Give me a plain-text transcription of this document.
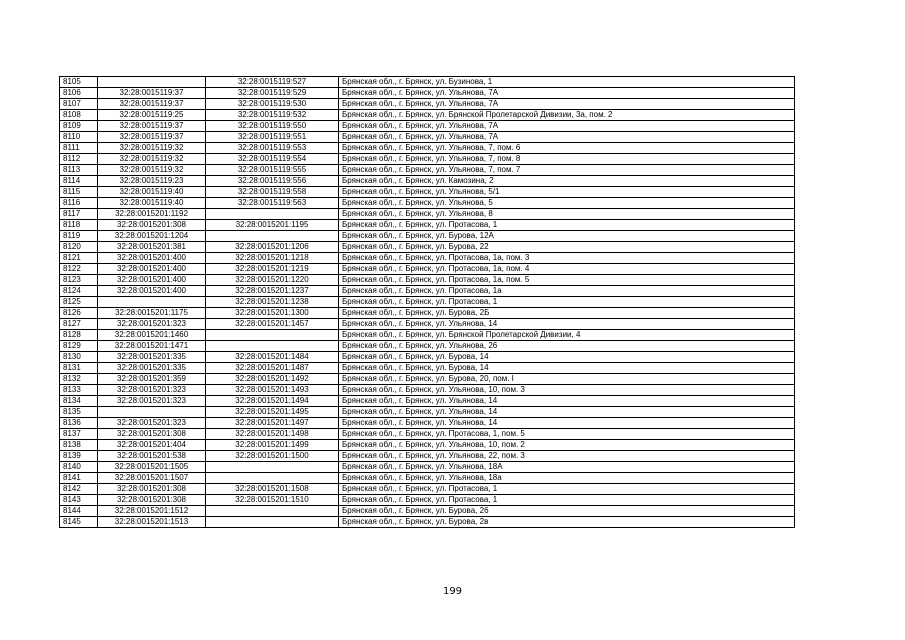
8105		32:28:0015119:527	Брянская обл., г. Брянск, ул. Бузинова, 1
8106	32:28:0015119:37	32:28:0015119:529	Брянская обл., г. Брянск, ул. Ульянова, 7А
8107	32:28:0015119:37	32:28:0015119:530	Брянская обл., г. Брянск, ул. Ульянова, 7А
8108	32:28:0015119:25	32:28:0015119:532	Брянская обл., г. Брянск, ул. Брянской Пролетарской Дивизии, 3а, пом. 2
8109	32:28:0015119:37	32:28:0015119:550	Брянская обл., г. Брянск, ул. Ульянова, 7А
8110	32:28:0015119:37	32:28:0015119:551	Брянская обл., г. Брянск, ул. Ульянова, 7А
8111	32:28:0015119:32	32:28:0015119:553	Брянская обл., г. Брянск, ул. Ульянова, 7, пом. 6
8112	32:28:0015119:32	32:28:0015119:554	Брянская обл., г. Брянск, ул. Ульянова, 7, пом. 8
8113	32:28:0015119:32	32:28:0015119:555	Брянская обл., г. Брянск, ул. Ульянова, 7, пом. 7
8114	32:28:0015119:23	32:28:0015119:556	Брянская обл., г. Брянск, ул. Камозина, 2
8115	32:28:0015119:40	32:28:0015119:558	Брянская обл., г. Брянск, ул. Ульянова, 5/1
8116	32:28:0015119:40	32:28:0015119:563	Брянская обл., г. Брянск, ул. Ульянова, 5
8117	32:28:0015201:1192		Брянская обл., г. Брянск, ул. Ульянова, 8
8118	32:28:0015201:308	32:28:0015201:1195	Брянская обл., г. Брянск, ул. Протасова, 1
8119	32:28:0015201:1204		Брянская обл., г. Брянск, ул. Бурова, 12А
8120	32:28:0015201:381	32:28:0015201:1206	Брянская обл., г. Брянск, ул. Бурова, 22
8121	32:28:0015201:400	32:28:0015201:1218	Брянская обл., г. Брянск, ул. Протасова, 1а, пом. 3
8122	32:28:0015201:400	32:28:0015201:1219	Брянская обл., г. Брянск, ул. Протасова, 1а, пом. 4
8123	32:28:0015201:400	32:28:0015201:1220	Брянская обл., г. Брянск, ул. Протасова, 1а, пом. 5
8124	32:28:0015201:400	32:28:0015201:1237	Брянская обл., г. Брянск, ул. Протасова, 1а
8125		32:28:0015201:1238	Брянская обл., г. Брянск, ул. Протасова, 1
8126	32:28:0015201:1175	32:28:0015201:1300	Брянская обл., г. Брянск, ул. Бурова, 2Б
8127	32:28:0015201:323	32:28:0015201:1457	Брянская обл., г. Брянск, ул. Ульянова, 14
8128	32:28:0015201:1460		Брянская обл., г. Брянск, ул. Брянской Пролетарской Дивизии, 4
8129	32:28:0015201:1471		Брянская обл., г. Брянск, ул. Ульянова, 26
8130	32:28:0015201:335	32:28:0015201:1484	Брянская обл., г. Брянск, ул. Бурова, 14
8131	32:28:0015201:335	32:28:0015201:1487	Брянская обл., г. Брянск, ул. Бурова, 14
8132	32:28:0015201:359	32:28:0015201:1492	Брянская обл., г. Брянск, ул. Бурова, 20, пом. I
8133	32:28:0015201:323	32:28:0015201:1493	Брянская обл., г. Брянск, ул. Ульянова, 10, пом. 3
8134	32:28:0015201:323	32:28:0015201:1494	Брянская обл., г. Брянск, ул. Ульянова, 14
8135		32:28:0015201:1495	Брянская обл., г. Брянск, ул. Ульянова, 14
8136	32:28:0015201:323	32:28:0015201:1497	Брянская обл., г. Брянск, ул. Ульянова, 14
8137	32:28:0015201:308	32:28:0015201:1498	Брянская обл., г. Брянск, ул. Протасова, 1, пом. 5
8138	32:28:0015201:404	32:28:0015201:1499	Брянская обл., г. Брянск, ул. Ульянова, 10, пом. 2
8139	32:28:0015201:538	32:28:0015201:1500	Брянская обл., г. Брянск, ул. Ульянова, 22, пом. 3
8140	32:28:0015201:1505		Брянская обл., г. Брянск, ул. Ульянова, 18А
8141	32:28:0015201:1507		Брянская обл., г. Брянск, ул. Ульянова, 18а
8142	32:28:0015201:308	32:28:0015201:1508	Брянская обл., г. Брянск, ул. Протасова, 1
8143	32:28:0015201:308	32:28:0015201:1510	Брянская обл., г. Брянск, ул. Протасова, 1
8144	32:28:0015201:1512		Брянская обл., г. Брянск, ул. Бурова, 26
8145	32:28:0015201:1513		Брянская обл., г. Брянск, ул. Бурова, 2в
199
